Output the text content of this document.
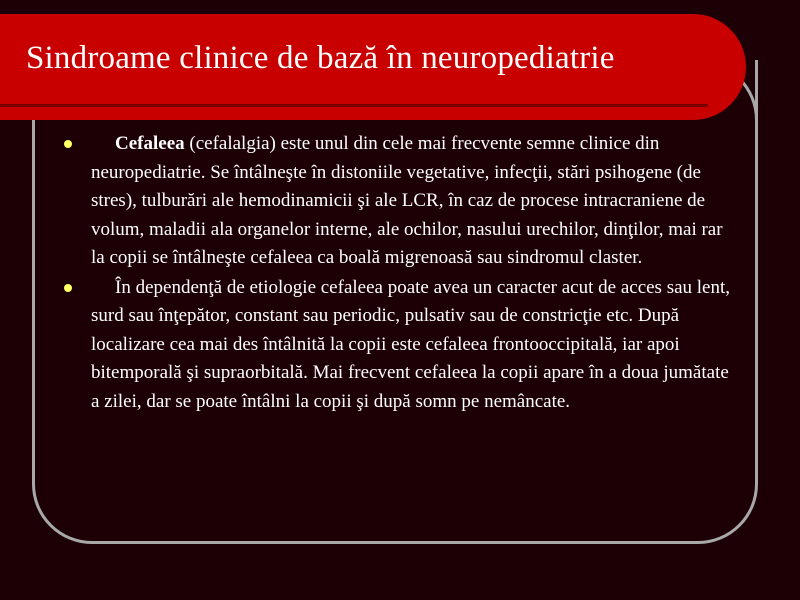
Sindroame clinice de bază în neuropediatrie

Cefaleea (cefalalgia) este unul din cele mai frecvente semne clinice din neuropediatrie. Se întâlneşte în distoniile vegetative, infecţii, stări psihogene (de stres), tulburări ale hemodinamicii şi ale LCR, în caz de procese intracraniene de volum, maladii ala organelor interne, ale ochilor, nasului urechilor, dinţilor, mai rar la copii se întâlneşte cefaleea ca boală migrenoasă sau sindromul claster.

În dependenţă de etiologie cefaleea poate avea un caracter acut de acces sau lent, surd sau înţepător, constant sau periodic, pulsativ sau de constricţie etc. După localizare cea mai des întâlnită la copii este cefaleea frontooccipitală, iar apoi bitemporală şi supraorbitală. Mai frecvent cefaleea la copii apare în a doua jumătate a zilei, dar se poate întâlni la copii şi după somn pe nemâncate.
